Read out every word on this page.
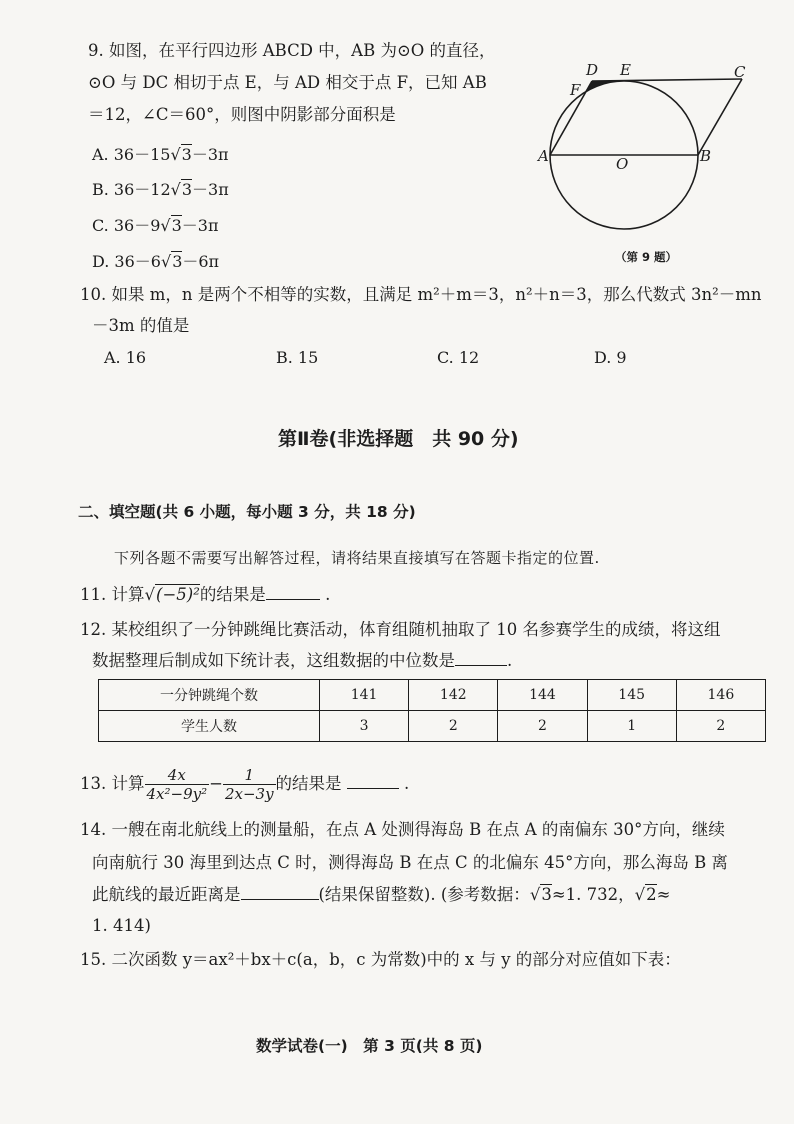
9. 如图，在平行四边形 ABCD 中，AB 为⊙O 的直径，
⊙O 与 DC 相切于点 E，与 AD 相交于点 F，已知 AB
＝12，∠C＝60°，则图中阴影部分面积是
A. 36－15√3－3π
B. 36－12√3－3π
C. 36－9√3－3π
D. 36－6√3－6π
D E	C
F
A	O	B
（第 9 题）
10. 如果 m，n 是两个不相等的实数，且满足 m²＋m＝3，n²＋n＝3，那么代数式 3n²－mn
－3m 的值是
A. 16	B. 15	C. 12	D. 9
第Ⅱ卷(非选择题　共 90 分)
二、填空题(共 6 小题，每小题 3 分，共 18 分)
下列各题不需要写出解答过程，请将结果直接填写在答题卡指定的位置.
11. 计算√(−5)²的结果是	.
12. 某校组织了一分钟跳绳比赛活动，体育组随机抽取了 10 名参赛学生的成绩，将这组
数据整理后制成如下统计表，这组数据的中位数是	.
一分钟跳绳个数	141	142	144	145	146
学生人数	3	2	2	1	2
13. 计算 $\frac{4x}{\text{4x²−9y²}} - \frac{1}{2x-3y}$ 的结果是	.
14. 一艘在南北航线上的测量船，在点 A 处测得海岛 B 在点 A 的南偏东 30°方向，继续
向南航行 30 海里到达点 C 时，测得海岛 B 在点 C 的北偏东 45°方向，那么海岛 B 离
此航线的最近距离是	(结果保留整数). (参考数据：√3≈1. 732，√2≈
1. 414)
15. 二次函数 y＝ax²＋bx＋c(a，b，c 为常数)中的 x 与 y 的部分对应值如下表：
数学试卷(一)　第 3 页(共 8 页)
